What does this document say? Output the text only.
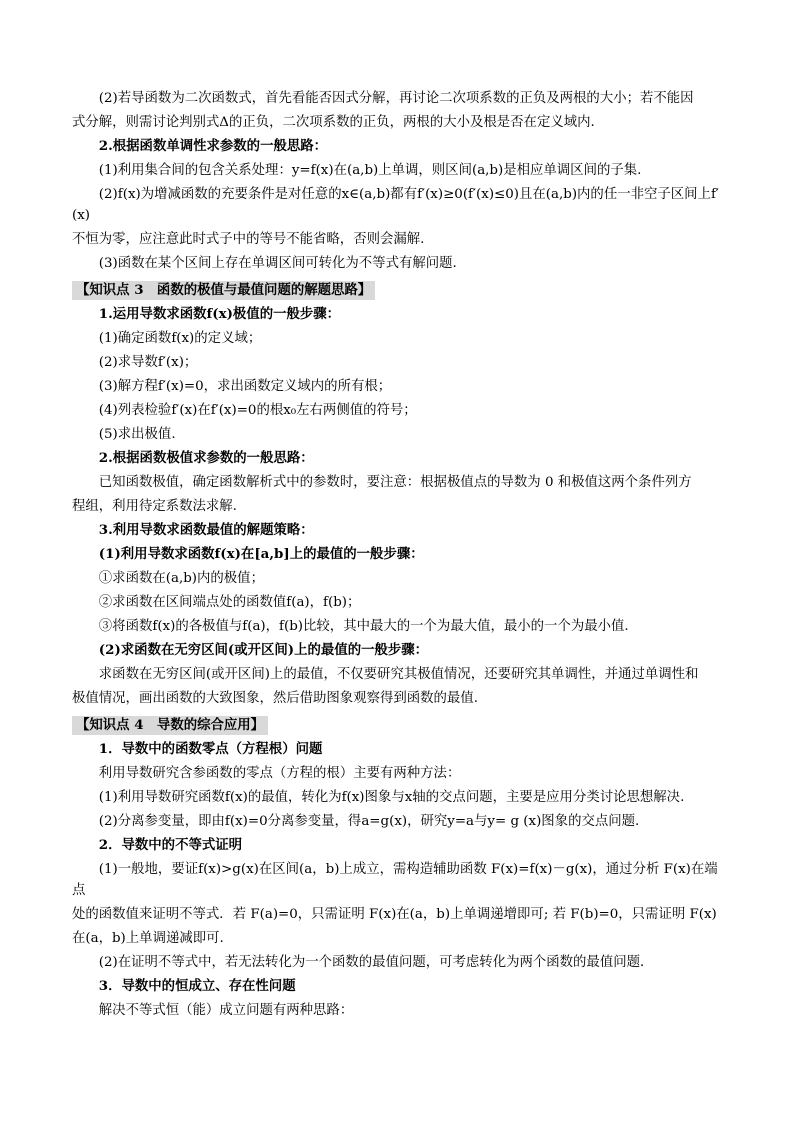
(2)若导函数为二次函数式，首先看能否因式分解，再讨论二次项系数的正负及两根的大小；若不能因

式分解，则需讨论判别式Δ的正负，二次项系数的正负，两根的大小及根是否在定义域内.

2.根据函数单调性求参数的一般思路：

(1)利用集合间的包含关系处理：y=f(x)在(a,b)上单调，则区间(a,b)是相应单调区间的子集.

(2)f(x)为增减函数的充要条件是对任意的x∈(a,b)都有f′(x)≥0(f′(x)≤0)且在(a,b)内的任一非空子区间上f′(x)

不恒为零，应注意此时式子中的等号不能省略，否则会漏解.

(3)函数在某个区间上存在单调区间可转化为不等式有解问题.

【知识点 3　函数的极值与最值问题的解题思路】

1.运用导数求函数f(x)极值的一般步骤：

(1)确定函数f(x)的定义域；

(2)求导数f′(x)；

(3)解方程f′(x)=0，求出函数定义域内的所有根；

(4)列表检验f′(x)在f′(x)=0的根x₀左右两侧值的符号；

(5)求出极值.

2.根据函数极值求参数的一般思路：

已知函数极值，确定函数解析式中的参数时，要注意：根据极值点的导数为 0 和极值这两个条件列方

程组，利用待定系数法求解.

3.利用导数求函数最值的解题策略：

(1)利用导数求函数f(x)在[a,b]上的最值的一般步骤：

①求函数在(a,b)内的极值；

②求函数在区间端点处的函数值f(a)，f(b)；

③将函数f(x)的各极值与f(a)，f(b)比较，其中最大的一个为最大值，最小的一个为最小值.

(2)求函数在无穷区间(或开区间)上的最值的一般步骤：

求函数在无穷区间(或开区间)上的最值，不仅要研究其极值情况，还要研究其单调性，并通过单调性和

极值情况，画出函数的大致图象，然后借助图象观察得到函数的最值.

【知识点 4　导数的综合应用】

1．导数中的函数零点（方程根）问题

利用导数研究含参函数的零点（方程的根）主要有两种方法：

(1)利用导数研究函数f(x)的最值，转化为f(x)图象与x轴的交点问题，主要是应用分类讨论思想解决.

(2)分离参变量，即由f(x)=0分离参变量，得a=g(x)，研究y=a与y= g (x)图象的交点问题.

2．导数中的不等式证明

(1)一般地，要证f(x)>g(x)在区间(a，b)上成立，需构造辅助函数 F(x)=f(x)－g(x)，通过分析 F(x)在端点

处的函数值来证明不等式．若 F(a)=0，只需证明 F(x)在(a，b)上单调递增即可; 若 F(b)=0，只需证明 F(x)

在(a，b)上单调递减即可.

(2)在证明不等式中，若无法转化为一个函数的最值问题，可考虑转化为两个函数的最值问题．

3．导数中的恒成立、存在性问题

解决不等式恒（能）成立问题有两种思路：
